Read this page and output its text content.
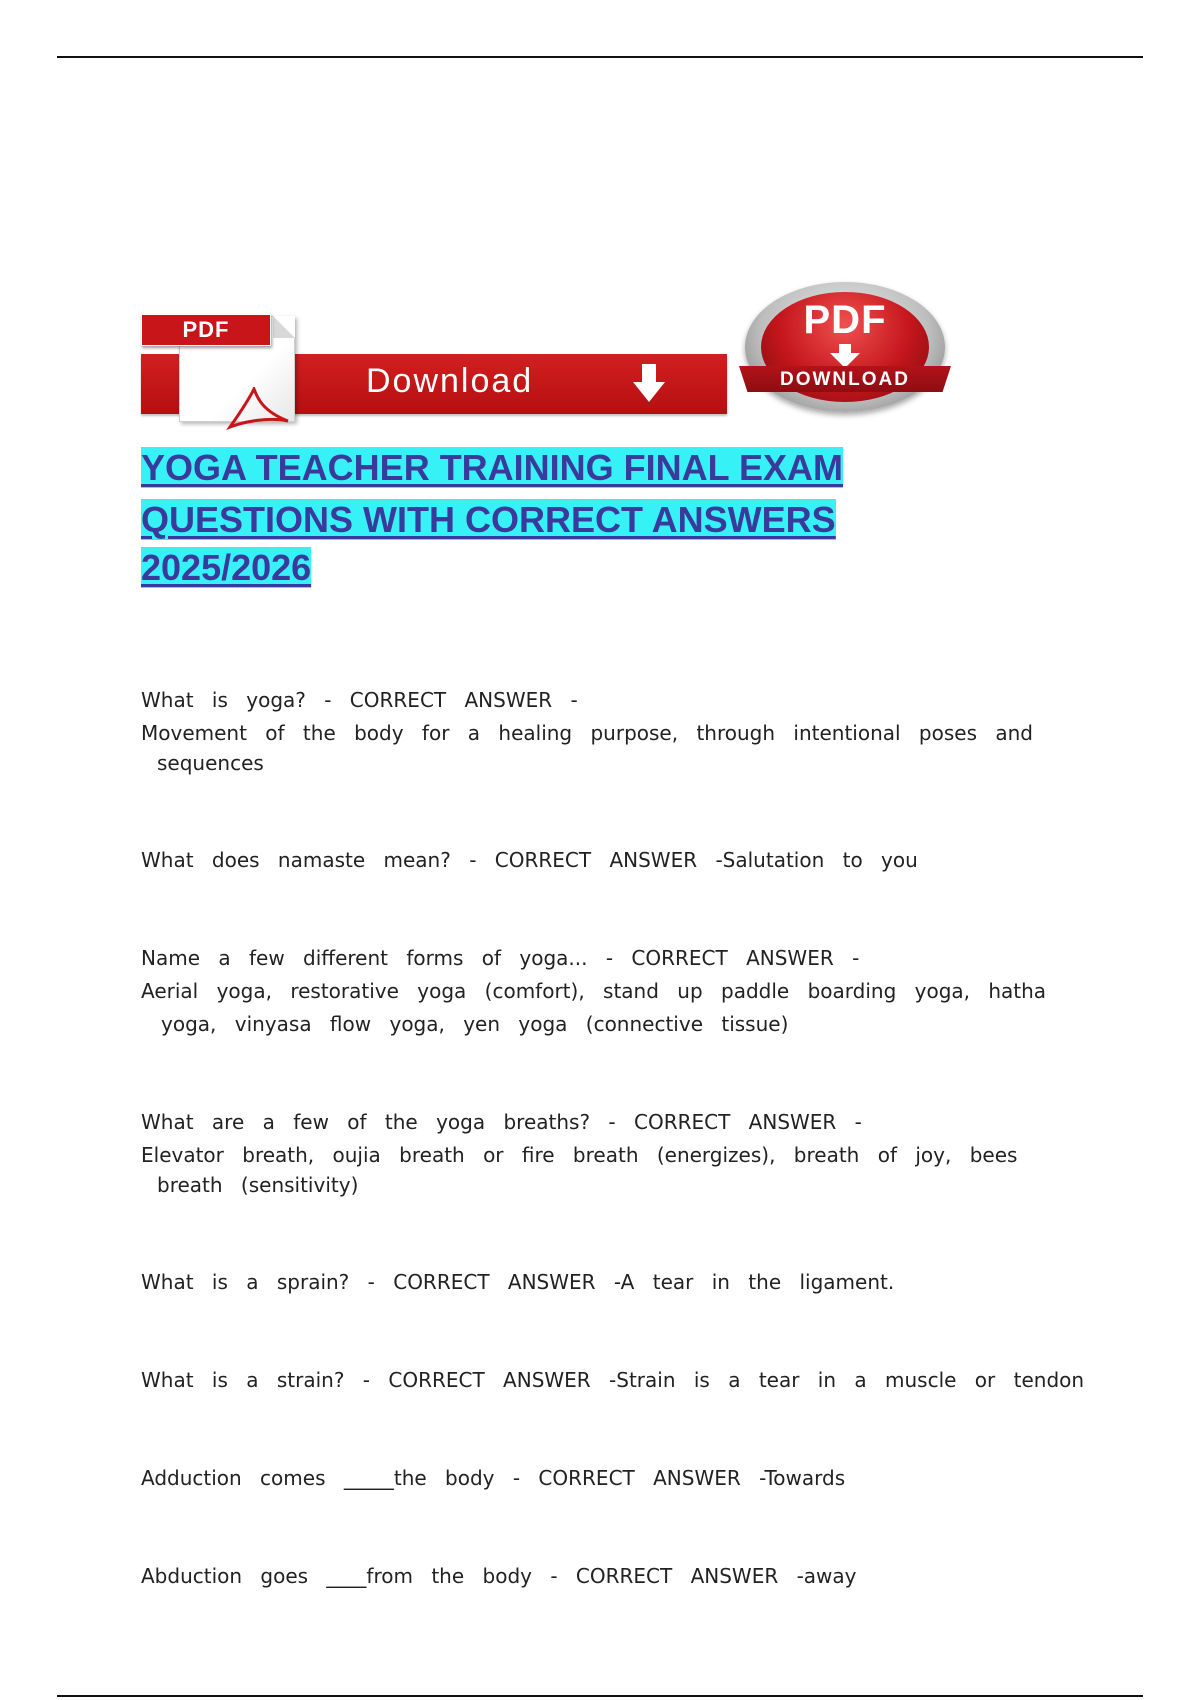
Download
PDF	PDF
DOWNLOAD
YOGA TEACHER TRAINING FINAL EXAM
QUESTIONS WITH CORRECT ANSWERS
2025/2026
What is yoga? - CORRECT ANSWER -
Movement of the body for a healing purpose, through intentional poses and
sequences
What does namaste mean? - CORRECT ANSWER -Salutation to you
Name a few different forms of yoga... - CORRECT ANSWER -
Aerial yoga, restorative yoga (comfort), stand up paddle boarding yoga, hatha
yoga, vinyasa flow yoga, yen yoga (connective tissue)
What are a few of the yoga breaths? - CORRECT ANSWER -
Elevator breath, oujia breath or fire breath (energizes), breath of joy, bees
breath (sensitivity)
What is a sprain? - CORRECT ANSWER -A tear in the ligament.
What is a strain? - CORRECT ANSWER -Strain is a tear in a muscle or tendon
Adduction comes _____the body - CORRECT ANSWER -Towards
Abduction goes ____from the body - CORRECT ANSWER -away
